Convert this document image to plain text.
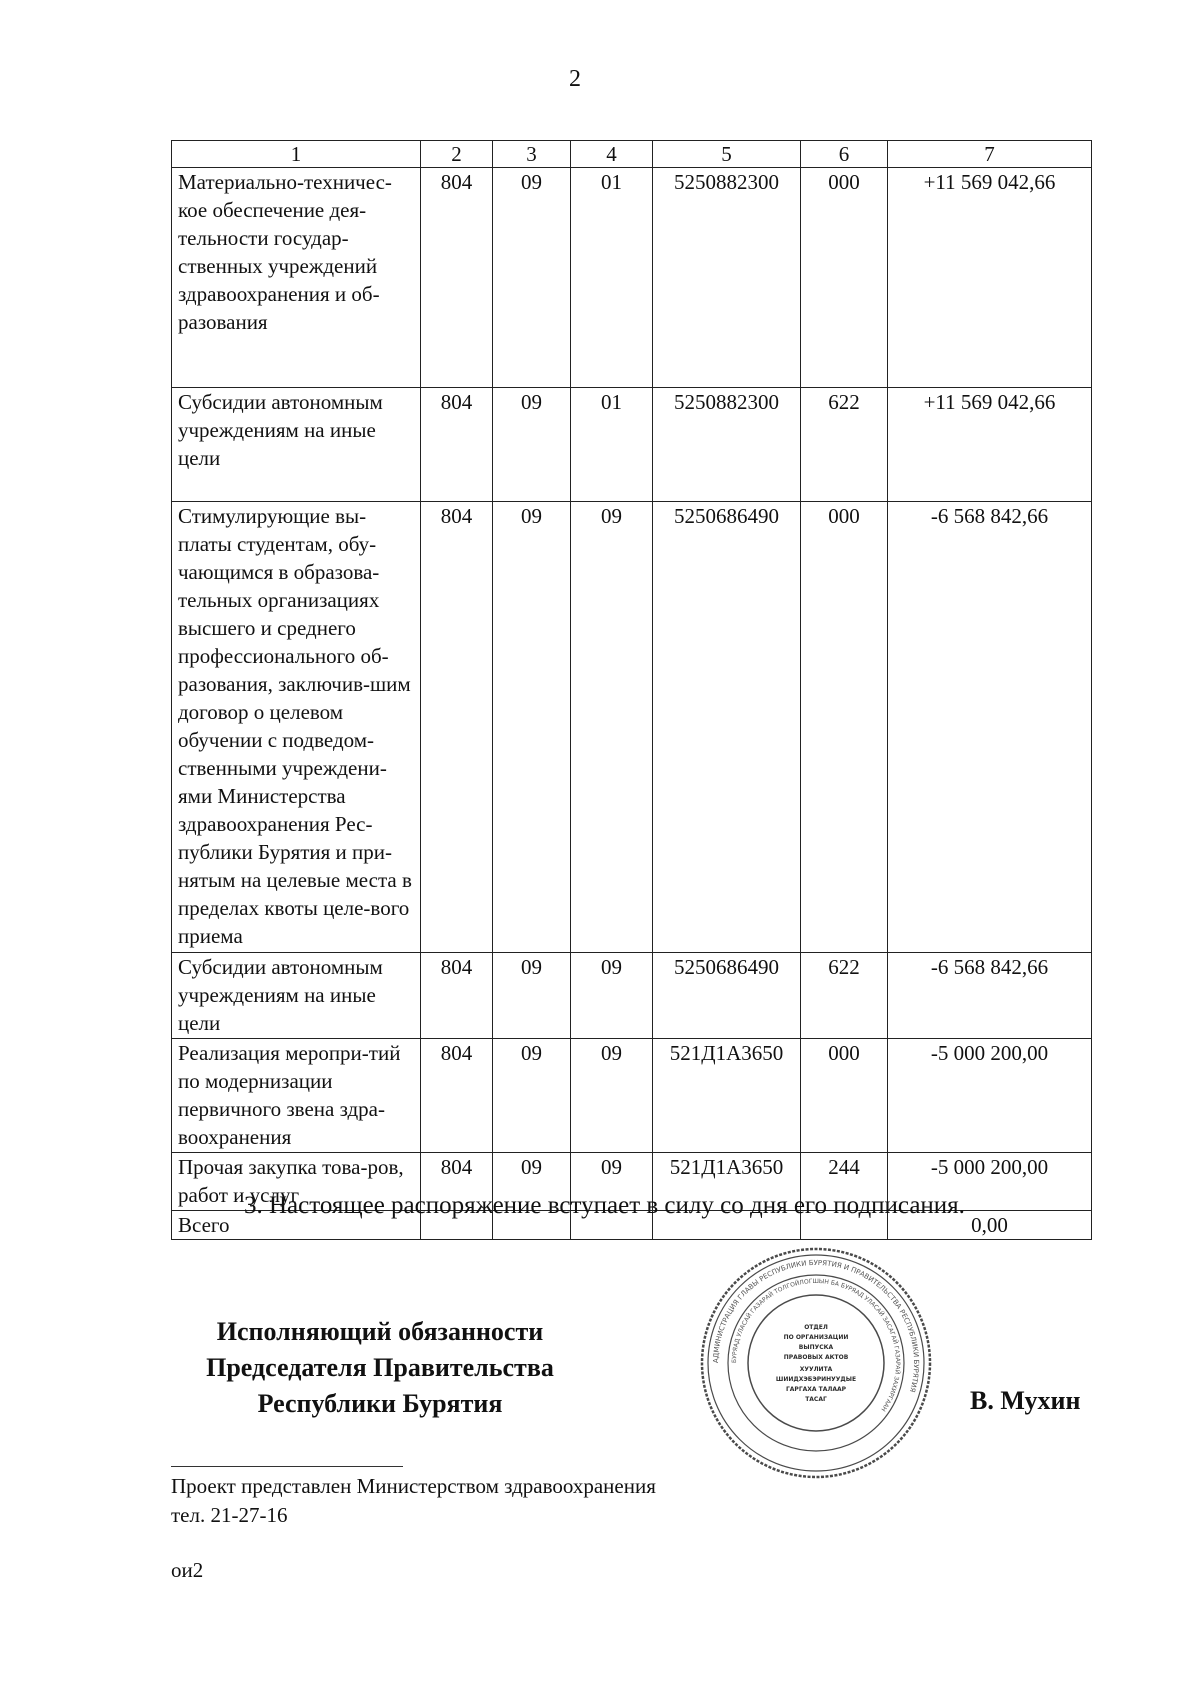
2
1	2	3	4	5	6	7
Материально-техничес-кое обеспечение дея-тельности государ-ственных учреждений здравоохранения и об-разования	804	09	01	5250882300	000	+11 569 042,66
Субсидии автономным учреждениям на иные цели	804	09	01	5250882300	622	+11 569 042,66
Стимулирующие вы-платы студентам, обу-чающимся в образова-тельных организациях высшего и среднего профессионального об-разования, заключив-шим договор о целевом обучении с подведом-ственными учреждени-ями Министерства здравоохранения Рес-публики Бурятия и при-нятым на целевые места в пределах квоты целе-вого приема	804	09	09	5250686490	000	-6 568 842,66
Субсидии автономным учреждениям на иные цели	804	09	09	5250686490	622	-6 568 842,66
Реализация меропри-тий по модернизации первичного звена здра-воохранения	804	09	09	521Д1А3650	000	-5 000 200,00
Прочая закупка това-ров, работ и услуг	804	09	09	521Д1А3650	244	-5 000 200,00
Всего						0,00
3. Настоящее распоряжение вступает в силу со дня его подписания.
Исполняющий обязанности
Председателя Правительства
Республики Бурятия
ОТДЕЛ
ПО ОРГАНИЗАЦИИ
ВЫПУСКА
ПРАВОВЫХ АКТОВ
ХУУЛИТА
ШИИДХЭБЭРИНУУДЫЕ
ГАРГАХА ТАЛААР
ТАСАГ
АДМИНИСТРАЦИЯ ГЛАВЫ РЕСПУБЛИКИ БУРЯТИЯ И ПРАВИТЕЛЬСТВА РЕСПУБЛИКИ БУРЯТИЯ
БУРЯАД УЛАСАЙ ГАЗАРАЙ ТОЛГОЙЛОГШЫН БА БУРЯАД УЛАСАЙ ЗАСАГАЙ ГАЗАРАЙ ЗАХИРГААН	В. Мухин
Проект представлен Министерством здравоохранения
тел. 21-27-16
ои2
